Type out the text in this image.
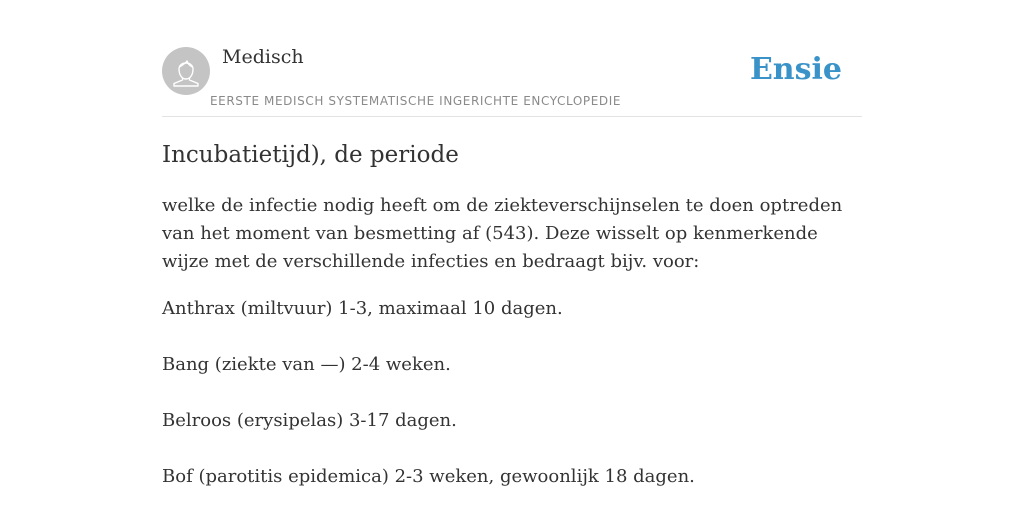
Medisch
EERSTE MEDISCH SYSTEMATISCHE INGERICHTE ENCYCLOPEDIE
Ensie
Incubatietijd), de periode

welke de infectie nodig heeft om de ziekteverschijnselen te doen optreden van het moment van besmetting af (543). Deze wisselt op kenmerkende wijze met de verschillende infecties en bedraagt bijv. voor:

Anthrax (miltvuur) 1-3, maximaal 10 dagen.

Bang (ziekte van —) 2-4 weken.

Belroos (erysipelas) 3-17 dagen.

Bof (parotitis epidemica) 2-3 weken, gewoonlijk 18 dagen.
